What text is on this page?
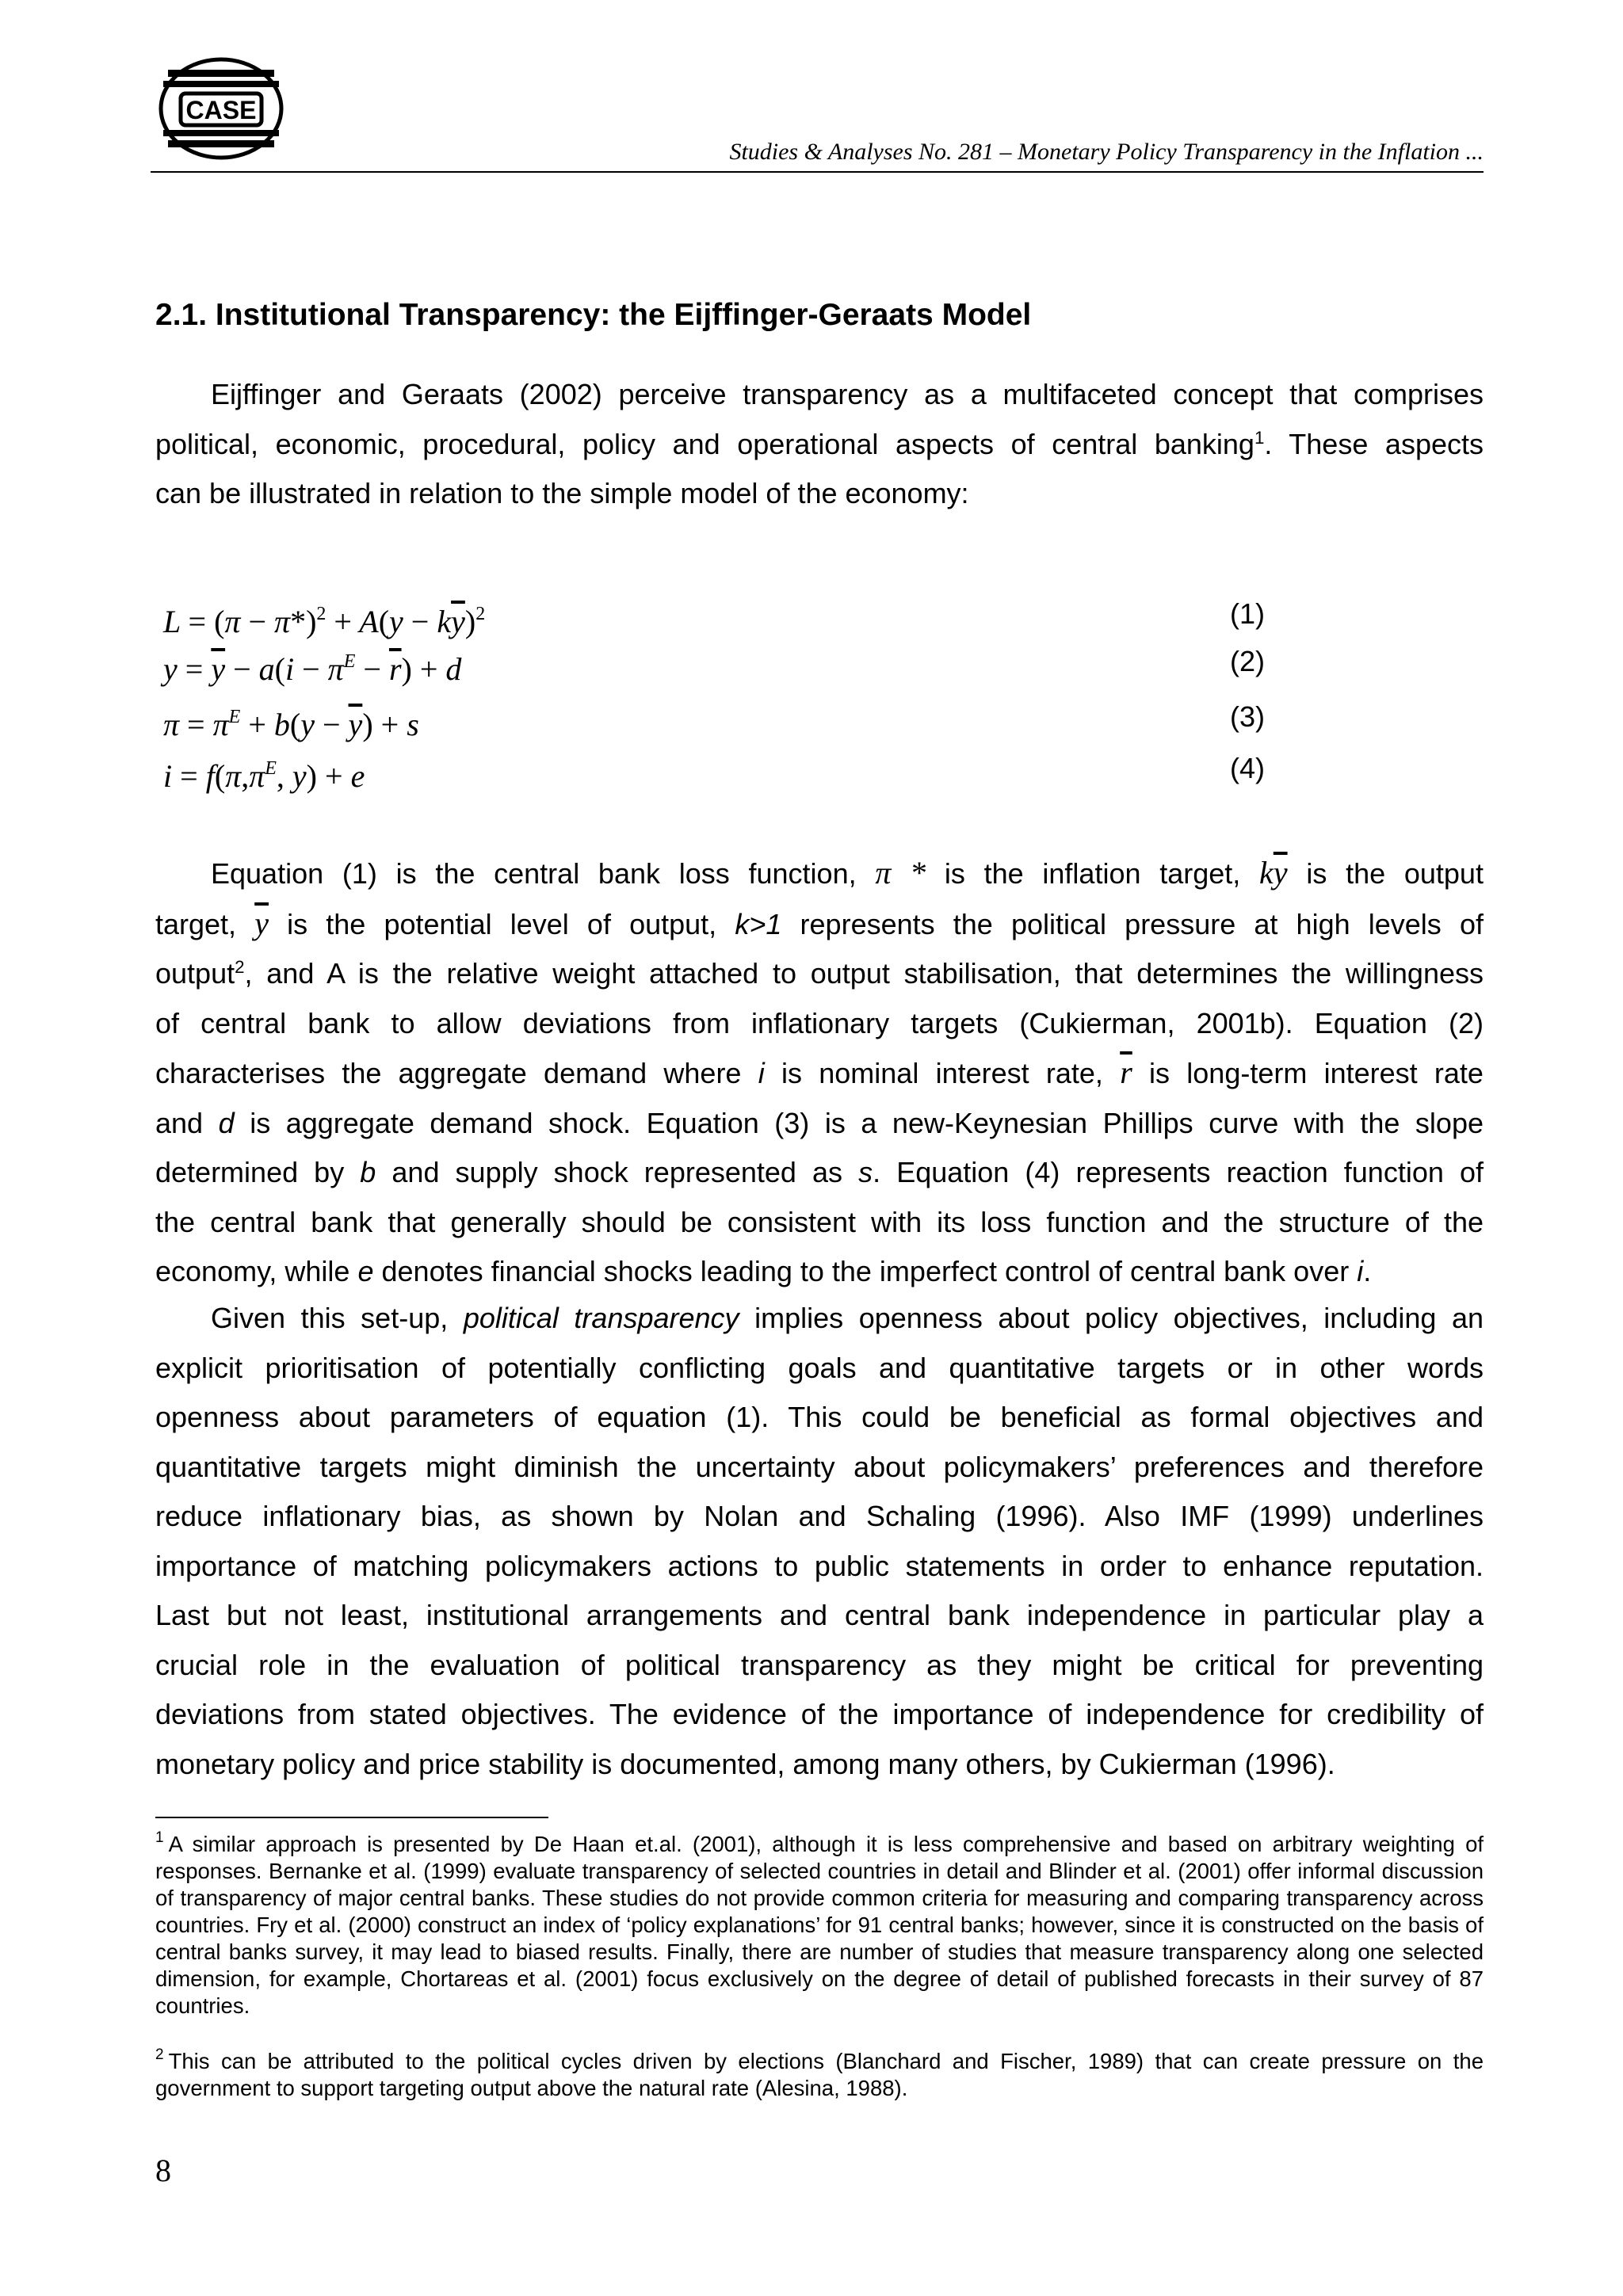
CASE
Studies & Analyses No. 281 – Monetary Policy Transparency in the Inflation ...
2.1. Institutional Transparency: the Eijffinger-Geraats Model
Eijffinger and Geraats (2002) perceive transparency as a multifaceted concept that comprises
political, economic, procedural, policy and operational aspects of central banking$^1$. These aspects
can be illustrated in relation to the simple model of the economy:
$L = (\pi - \pi*)^2 + A(y - k\overline{y})^2$	(1)
$y = \overline{y} - a(i - \pi^E - \overline{r}) + d$	(2)
$\pi = \pi^E + b(y - \overline{y}) + s$	(3)
$i = f(\pi,\pi^E$, y) + e	(4)
Equation (1) is the central bank loss function, π * is the inflation target, $k\overline{y}$ is the output
target, $\overline{y}$ is the potential level of output, k>1 represents the political pressure at high levels of
output$^2$, and A is the relative weight attached to output stabilisation, that determines the willingness
of central bank to allow deviations from inflationary targets (Cukierman, 2001b). Equation (2)
characterises the aggregate demand where i is nominal interest rate, $\overline{r}$ is long-term interest rate
and d is aggregate demand shock. Equation (3) is a new-Keynesian Phillips curve with the slope
determined by b and supply shock represented as s. Equation (4) represents reaction function of
the central bank that generally should be consistent with its loss function and the structure of the
economy, while e denotes financial shocks leading to the imperfect control of central bank over i.
Given this set-up, political transparency implies openness about policy objectives, including an
explicit prioritisation of potentially conflicting goals and quantitative targets or in other words
openness about parameters of equation (1). This could be beneficial as formal objectives and
quantitative targets might diminish the uncertainty about policymakers’ preferences and therefore
reduce inflationary bias, as shown by Nolan and Schaling (1996). Also IMF (1999) underlines
importance of matching policymakers actions to public statements in order to enhance reputation.
Last but not least, institutional arrangements and central bank independence in particular play a
crucial role in the evaluation of political transparency as they might be critical for preventing
deviations from stated objectives. The evidence of the importance of independence for credibility of
monetary policy and price stability is documented, among many others, by Cukierman (1996).

$^1$ A similar approach is presented by De Haan et.al. (2001), although it is less comprehensive and based on arbitrary weighting of responses. Bernanke et al. (1999) evaluate transparency of selected countries in detail and Blinder et al. (2001) offer informal discussion of transparency of major central banks. These studies do not provide common criteria for measuring and comparing transparency across countries. Fry et al. (2000) construct an index of ‘policy explanations’ for 91 central banks; however, since it is constructed on the basis of central banks survey, it may lead to biased results. Finally, there are number of studies that measure transparency along one selected dimension, for example, Chortareas et al. (2001) focus exclusively on the degree of detail of published forecasts in their survey of 87 countries.

$^2$ This can be attributed to the political cycles driven by elections (Blanchard and Fischer, 1989) that can create pressure on the government to support targeting output above the natural rate (Alesina, 1988).

8
